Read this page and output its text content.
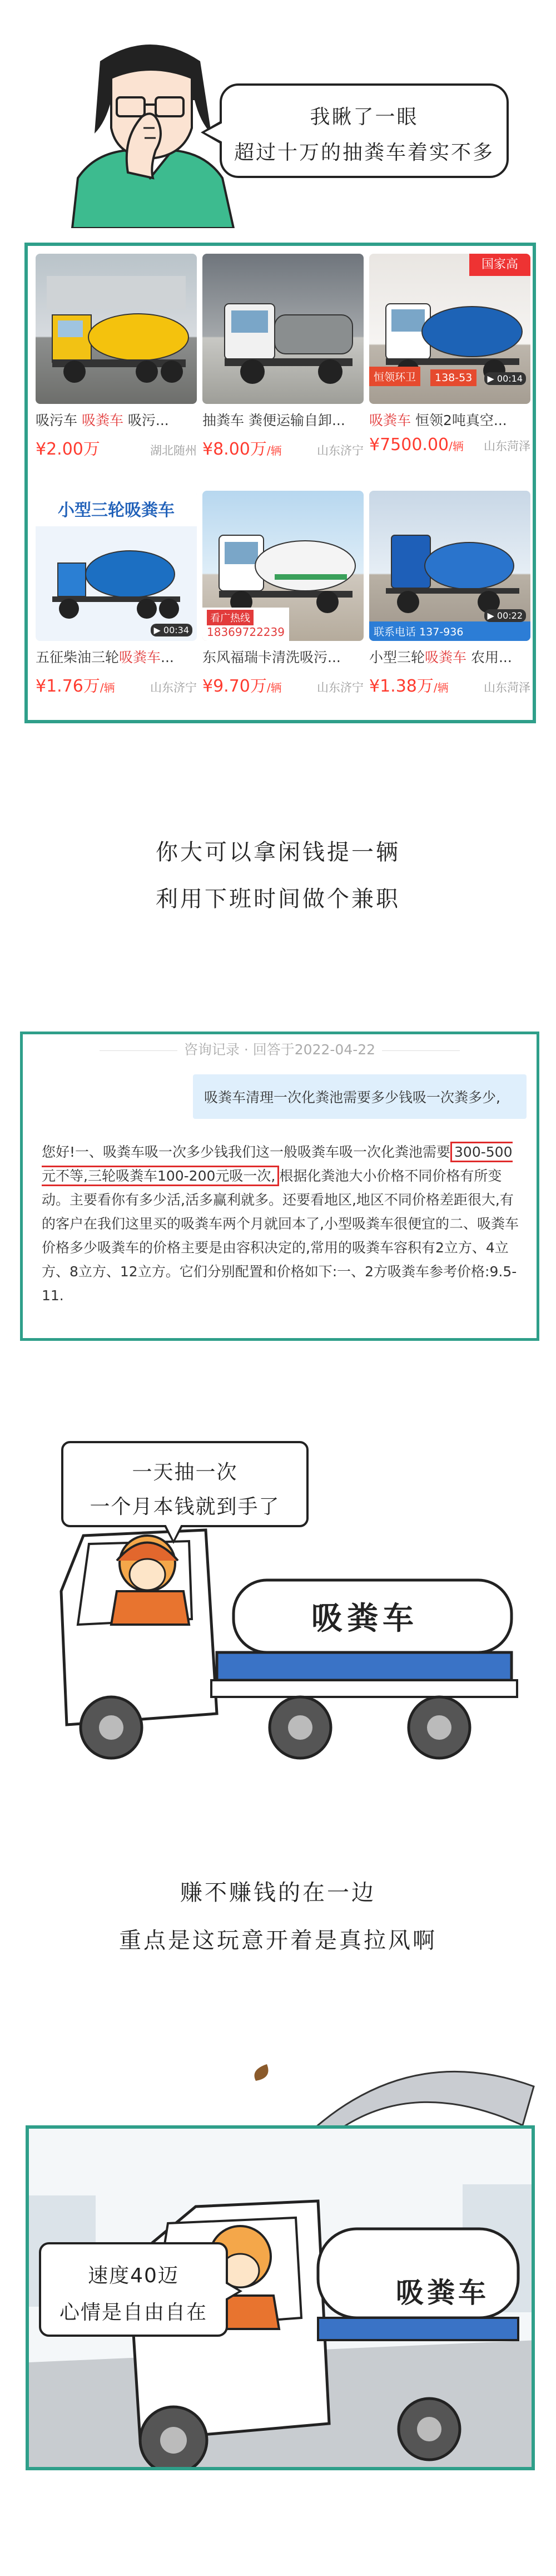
我瞅了一眼
超过十万的抽粪车着实不多
吸污车 吸粪车 吸污...
¥2.00万	湖北随州
抽粪车 粪便运输自卸...
¥8.00万/辆	山东济宁
国家高
恒领环卫	138-53	▶ 00:14
吸粪车 恒领2吨真空...
¥7500.00/辆 山东菏泽
小型三轮吸粪车
▶ 00:34
五征柴油三轮吸粪车...
¥1.76万/辆	山东济宁
看广热线
18369722239
东风福瑞卡清洗吸污...
¥9.70万/辆	山东济宁
联系电话 137-936
▶ 00:22
小型三轮吸粪车 农用...
¥1.38万/辆	山东菏泽
你大可以拿闲钱提一辆
利用下班时间做个兼职
咨询记录 · 回答于2022-04-22
吸粪车清理一次化粪池需要多少钱吸一次粪多少,
您好!一、吸粪车吸一次多少钱我们这一般吸粪车吸一次化粪池需要 300-500元不等,三轮吸粪车100-200元吸一次, 根据化粪池大小价格不同价格有所变动。主要看你有多少活,活多赢利就多。还要看地区,地区不同价格差距很大,有的客户在我们这里买的吸粪车两个月就回本了,小型吸粪车很便宜的二、吸粪车价格多少吸粪车的价格主要是由容积决定的,常用的吸粪车容积有2立方、4立方、8立方、12立方。它们分别配置和价格如下:一、2方吸粪车参考价格:9.5-11.
吸粪车
一天抽一次
一个月本钱就到手了
赚不赚钱的在一边
重点是这玩意开着是真拉风啊
吸粪车
速度40迈
心情是自由自在
